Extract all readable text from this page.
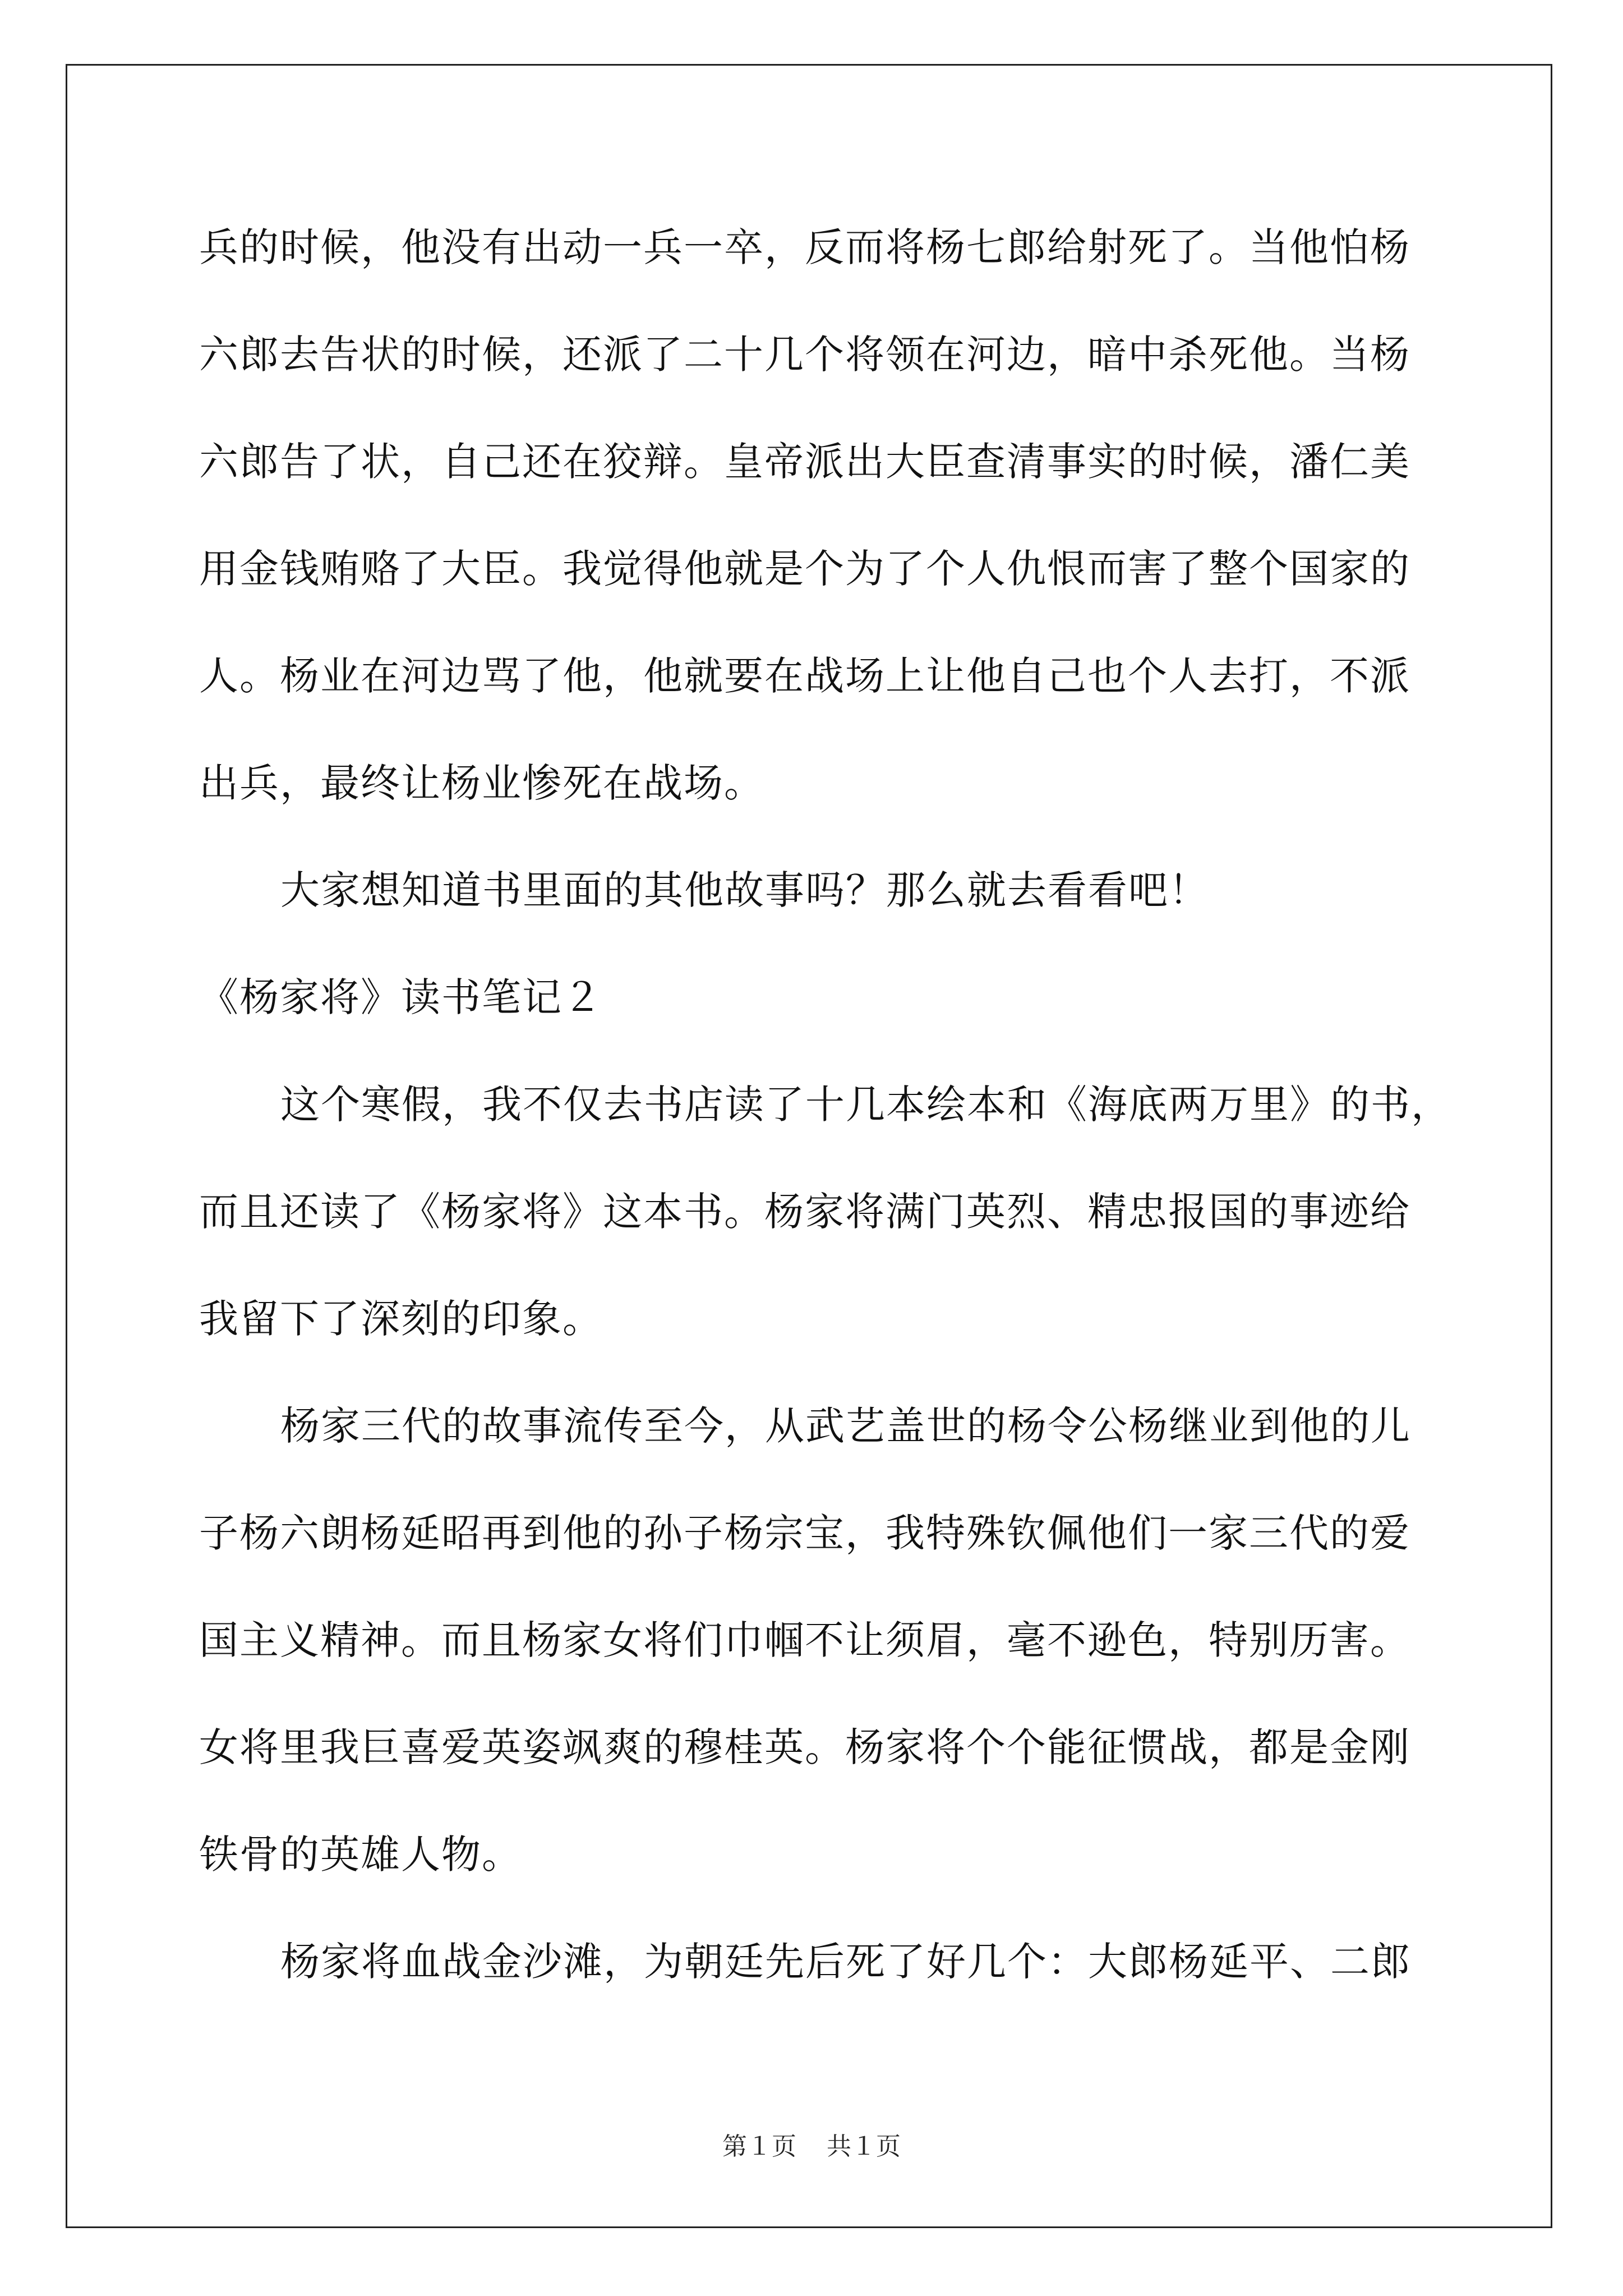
兵的时候，他没有出动一兵一卒，反而将杨七郎给射死了。当他怕杨
六郎去告状的时候，还派了二十几个将领在河边，暗中杀死他。当杨
六郎告了状，自己还在狡辩。皇帝派出大臣查清事实的时候，潘仁美
用金钱贿赂了大臣。我觉得他就是个为了个人仇恨而害了整个国家的
人。杨业在河边骂了他，他就要在战场上让他自己也个人去打，不派
出兵，最终让杨业惨死在战场。
大家想知道书里面的其他故事吗？那么就去看看吧！
《杨家将》读书笔记２
这个寒假，我不仅去书店读了十几本绘本和《海底两万里》的书，
而且还读了《杨家将》这本书。杨家将满门英烈、精忠报国的事迹给
我留下了深刻的印象。
杨家三代的故事流传至今，从武艺盖世的杨令公杨继业到他的儿
子杨六朗杨延昭再到他的孙子杨宗宝，我特殊钦佩他们一家三代的爱
国主义精神。而且杨家女将们巾帼不让须眉，毫不逊色，特别历害。
女将里我巨喜爱英姿飒爽的穆桂英。杨家将个个能征惯战，都是金刚
铁骨的英雄人物。
杨家将血战金沙滩，为朝廷先后死了好几个：大郎杨延平、二郎
第１页 共１页
